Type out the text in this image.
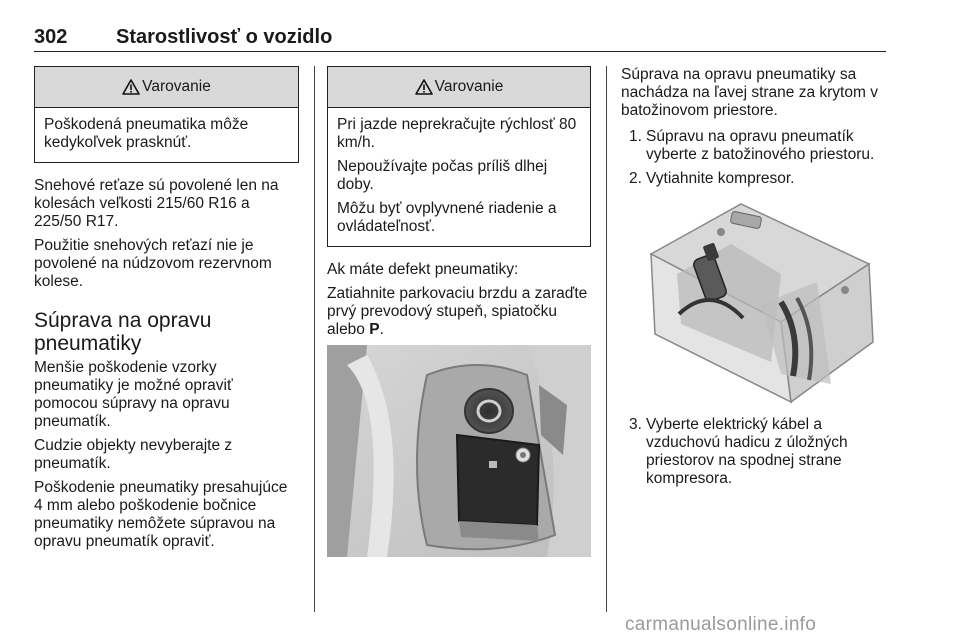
302 Starostlivosť o vozidlo
Varovanie

Poškodená pneumatika môže kedykoľvek prasknúť.

Snehové reťaze sú povolené len na kolesách veľkosti 215/60 R16 a 225/50 R17.

Použitie snehových reťazí nie je povolené na núdzovom rezervnom kolese.

Súprava na opravu pneumatiky

Menšie poškodenie vzorky pneumatiky je možné opraviť pomocou súpravy na opravu pneumatík.

Cudzie objekty nevyberajte z pneumatík.

Poškodenie pneumatiky presahujúce 4 mm alebo poškodenie bočnice pneumatiky nemôžete súpravou na opravu pneumatík opraviť.

Varovanie

Pri jazde neprekračujte rýchlosť 80 km/h.

Nepoužívajte počas príliš dlhej doby.

Môžu byť ovplyvnené riadenie a ovládateľnosť.

Ak máte defekt pneumatiky:

Zatiahnite parkovaciu brzdu a zaraďte prvý prevodový stupeň, spiatočku alebo P.

Súprava na opravu pneumatiky sa nachádza na ľavej strane za krytom v batožinovom priestore.

1. Súpravu na opravu pneumatík vyberte z batožinového priestoru.
2. Vytiahnite kompresor.
3. Vyberte elektrický kábel a vzduchovú hadicu z úložných priestorov na spodnej strane kompresora.
carmanualsonline.info
